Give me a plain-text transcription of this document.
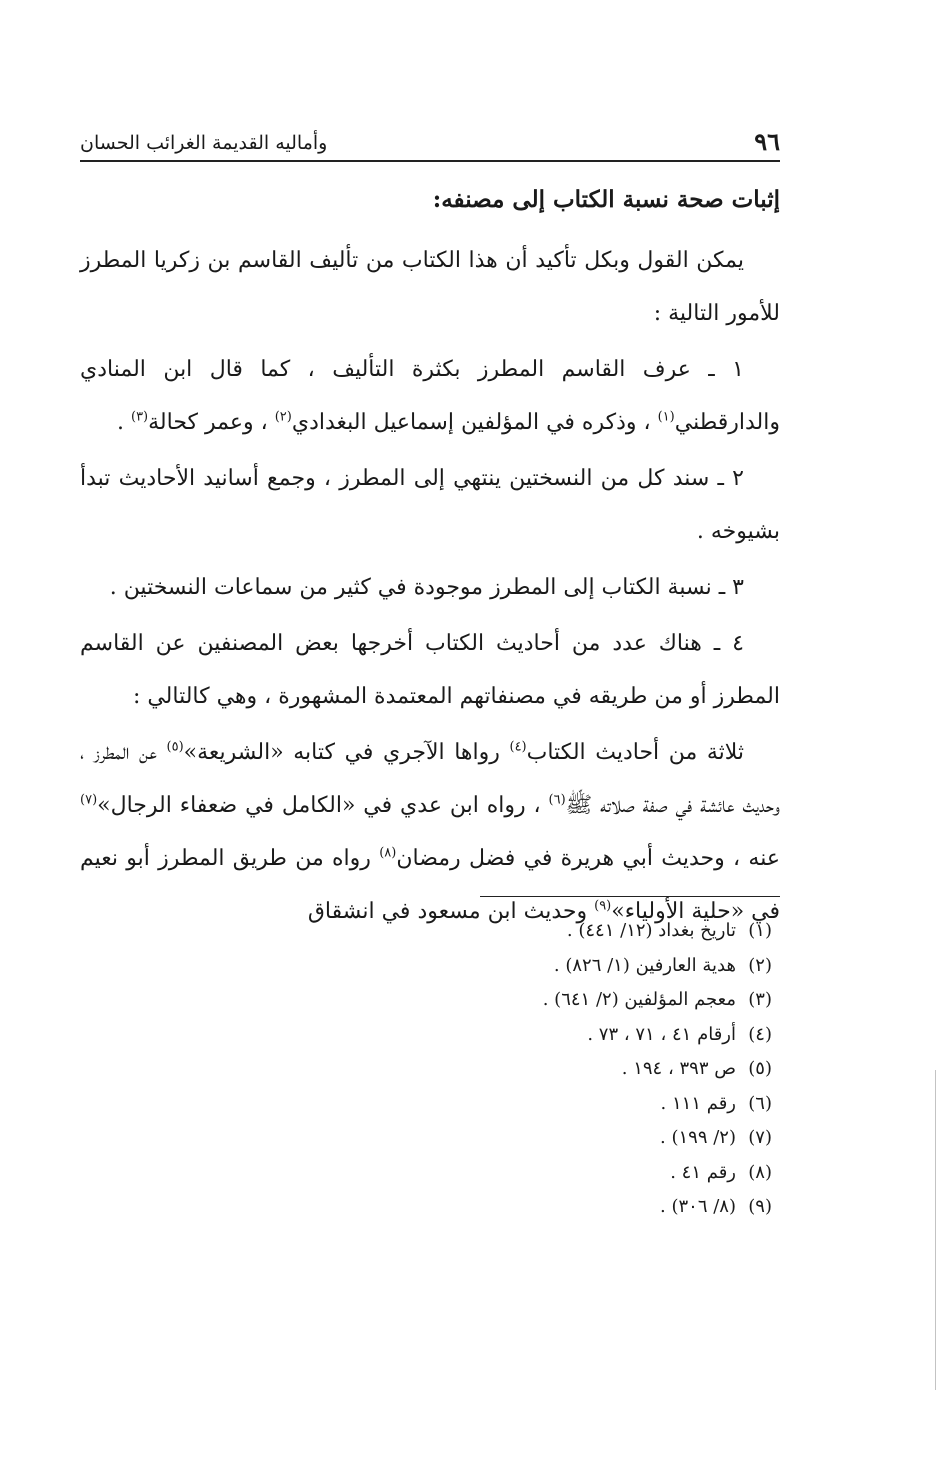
٩٦
وأماليه القديمة الغرائب الحسان
إثبات صحة نسبة الكتاب إلى مصنفه:

يمكن القول وبكل تأكيد أن هذا الكتاب من تأليف القاسم بن زكريا المطرز للأمور التالية :

١ ـ عرف القاسم المطرز بكثرة التأليف ، كما قال ابن المنادي والدارقطني$^{(١)}$ ، وذكره في المؤلفين إسماعيل البغدادي$^{(٢)}$ ، وعمر كحالة$^{(٣)}$ .

٢ ـ سند كل من النسختين ينتهي إلى المطرز ، وجمع أسانيد الأحاديث تبدأ بشيوخه .

٣ ـ نسبة الكتاب إلى المطرز موجودة في كثير من سماعات النسختين .

٤ ـ هناك عدد من أحاديث الكتاب أخرجها بعض المصنفين عن القاسم المطرز أو من طريقه في مصنفاتهم المعتمدة المشهورة ، وهي كالتالي :

ثلاثة من أحاديث الكتاب$^{(٤)}$ رواها الآجري في كتابه «الشريعة»$^{(٥)}$ عن المطرز ، وحديث عائشة في صفة صلاته ﷺ$^{(٦)}$ ، رواه ابن عدي في «الكامل في ضعفاء الرجال»$^{(٧)}$ عنه ، وحديث أبي هريرة في فضل رمضان$^{(٨)}$ رواه من طريق المطرز أبو نعيم في «حلية الأولياء»$^{(٩)}$ وحديث ابن مسعود في انشقاق

(١)تاريخ بغداد (١٢/ ٤٤١) .
(٢)هدية العارفين (١/ ٨٢٦) .
(٣)معجم المؤلفين (٢/ ٦٤١) .
(٤)أرقام ٤١ ، ٧١ ، ٧٣ .
(٥)ص ٣٩٣ ، ١٩٤ .
(٦)رقم ١١١ .
(٧)(٢/ ١٩٩) .
(٨)رقم ٤١ .
(٩)(٨/ ٣٠٦) .
